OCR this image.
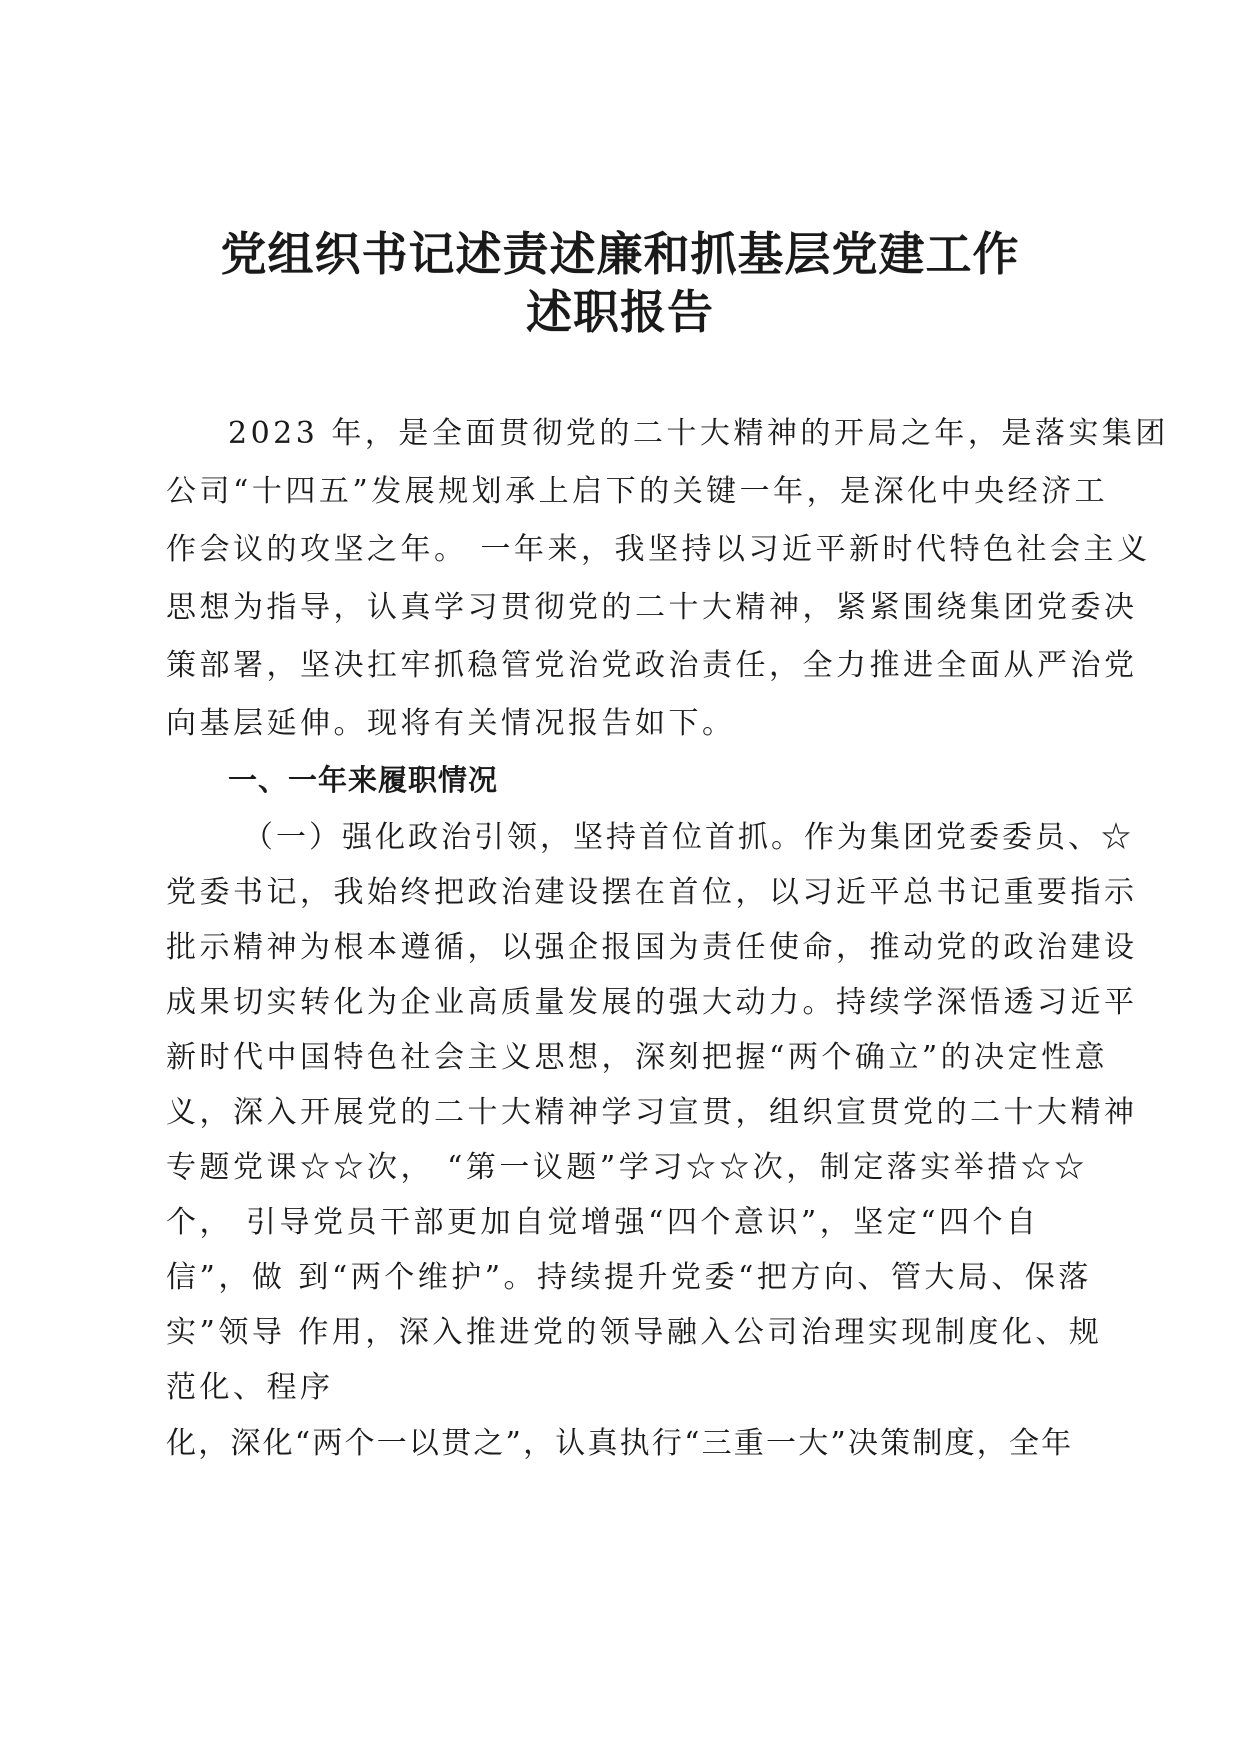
党组织书记述责述廉和抓基层党建工作
述职报告
2023 年，是全面贯彻党的二十大精神的开局之年，是落实集团
公司“十四五”发展规划承上启下的关键一年，是深化中央经济工
作会议的攻坚之年。 一年来，我坚持以习近平新时代特色社会主义
思想为指导，认真学习贯彻党的二十大精神，紧紧围绕集团党委决
策部署，坚决扛牢抓稳管党治党政治责任，全力推进全面从严治党
向基层延伸。现将有关情况报告如下。
一、一年来履职情况
（一）强化政治引领，坚持首位首抓。作为集团党委委员、☆
党委书记，我始终把政治建设摆在首位，以习近平总书记重要指示
批示精神为根本遵循，以强企报国为责任使命，推动党的政治建设
成果切实转化为企业高质量发展的强大动力。持续学深悟透习近平
新时代中国特色社会主义思想，深刻把握“两个确立”的决定性意
义，深入开展党的二十大精神学习宣贯，组织宣贯党的二十大精神
专题党课☆☆次， “第一议题”学习☆☆次，制定落实举措☆☆
个， 引导党员干部更加自觉增强“四个意识”，坚定“四个自
信”，做 到“两个维护”。持续提升党委“把方向、管大局、保落
实”领导 作用，深入推进党的领导融入公司治理实现制度化、规
范化、程序
化，深化“两个一以贯之”，认真执行“三重一大”决策制度，全年
